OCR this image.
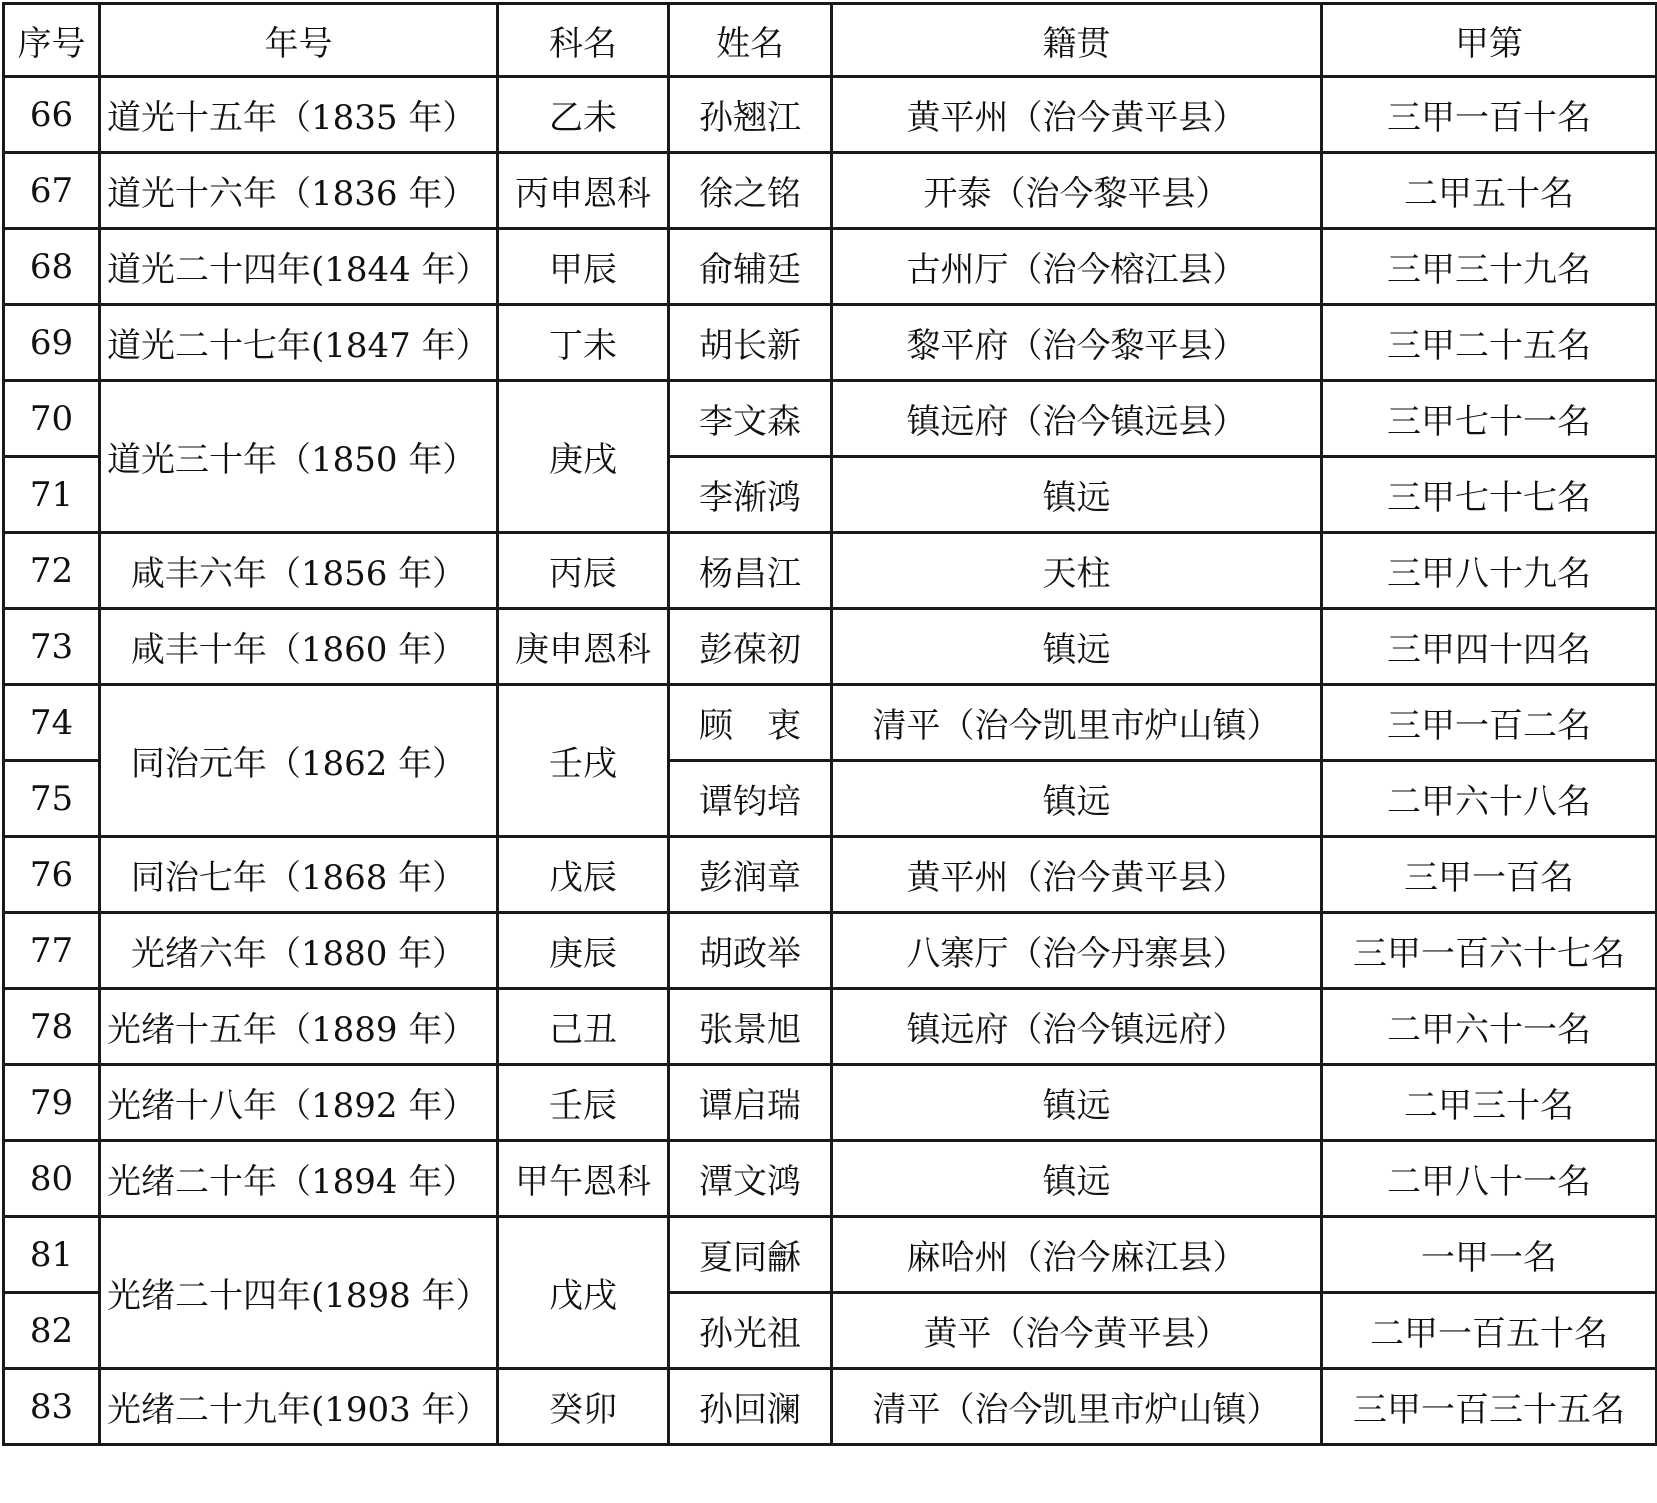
序号	年号	科名	姓名	籍贯	甲第
66	道光十五年（1835 年）	乙未	孙翘江	黄平州（治今黄平县）	三甲一百十名
67	道光十六年（1836 年）	丙申恩科	徐之铭	开泰（治今黎平县）	二甲五十名
68	道光二十四年(1844 年）	甲辰	俞辅廷	古州厅（治今榕江县）	三甲三十九名
69	道光二十七年(1847 年）	丁未	胡长新	黎平府（治今黎平县）	三甲二十五名
70	道光三十年（1850 年）	庚戌	李文森	镇远府（治今镇远县）	三甲七十一名
71			李渐鸿	镇远	三甲七十七名
72	咸丰六年（1856 年）	丙辰	杨昌江	天柱	三甲八十九名
73	咸丰十年（1860 年）	庚申恩科	彭葆初	镇远	三甲四十四名
74	同治元年（1862 年）	壬戌	顾　衷	清平（治今凯里市炉山镇）	三甲一百二名
75			谭钧培	镇远	二甲六十八名
76	同治七年（1868 年）	戊辰	彭润章	黄平州（治今黄平县）	三甲一百名
77	光绪六年（1880 年）	庚辰	胡政举	八寨厅（治今丹寨县）	三甲一百六十七名
78	光绪十五年（1889 年）	己丑	张景旭	镇远府（治今镇远府）	二甲六十一名
79	光绪十八年（1892 年）	壬辰	谭启瑞	镇远	二甲三十名
80	光绪二十年（1894 年）	甲午恩科	潭文鸿	镇远	二甲八十一名
81	光绪二十四年(1898 年）	戊戌	夏同龢	麻哈州（治今麻江县）	一甲一名
82			孙光祖	黄平（治今黄平县）	二甲一百五十名
83	光绪二十九年(1903 年）	癸卯	孙回澜	清平（治今凯里市炉山镇）	三甲一百三十五名
